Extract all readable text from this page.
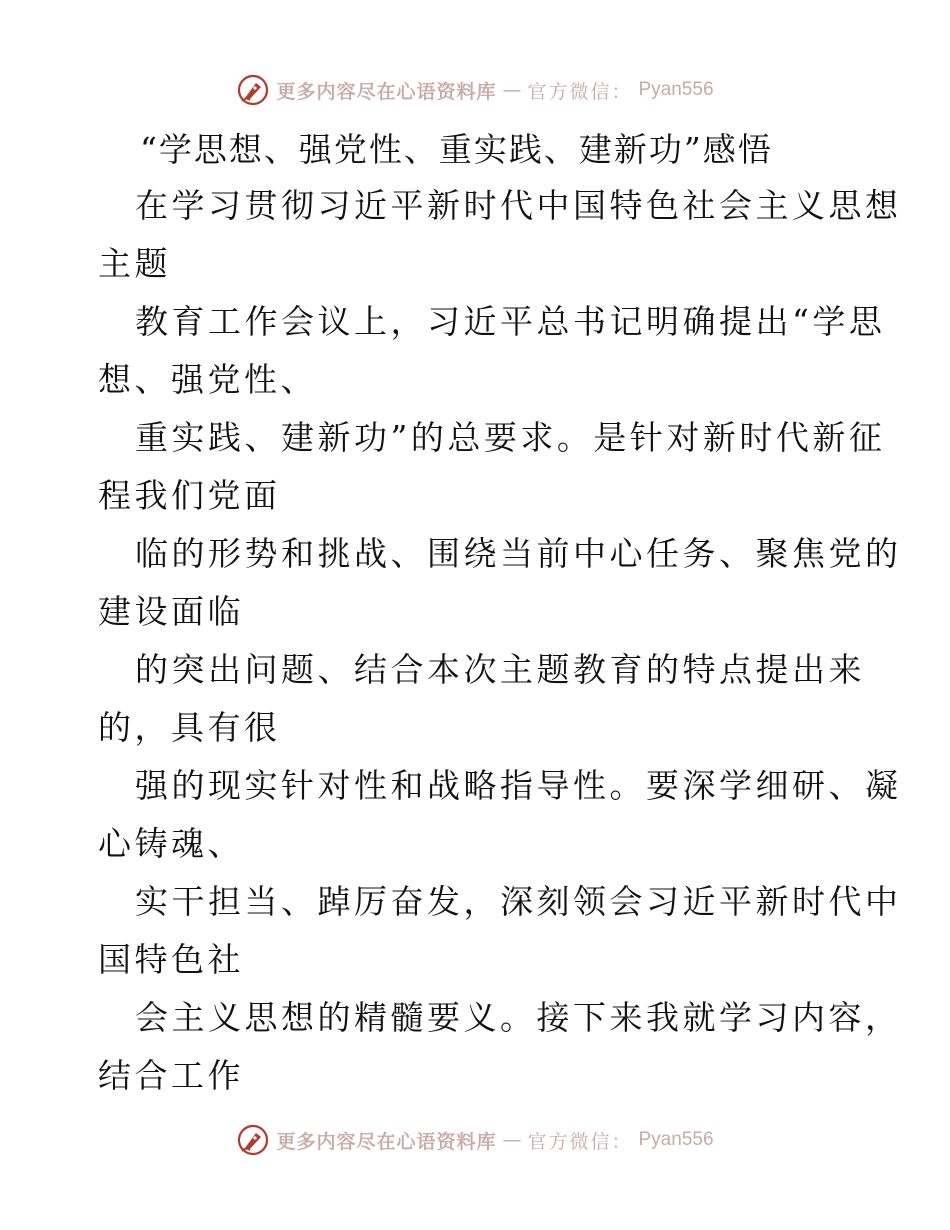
更多内容尽在心语资料库 — 官方微信： Pyan556
“学思想、强党性、重实践、建新功”感悟
在学习贯彻习近平新时代中国特色社会主义思想
主题
教育工作会议上，习近平总书记明确提出“学思
想、强党性、
重实践、建新功”的总要求。是针对新时代新征
程我们党面
临的形势和挑战、围绕当前中心任务、聚焦党的
建设面临
的突出问题、结合本次主题教育的特点提出来
的，具有很
强的现实针对性和战略指导性。要深学细研、凝
心铸魂、
实干担当、踔厉奋发，深刻领会习近平新时代中
国特色社
会主义思想的精髓要义。接下来我就学习内容，
结合工作
更多内容尽在心语资料库 — 官方微信： Pyan556
